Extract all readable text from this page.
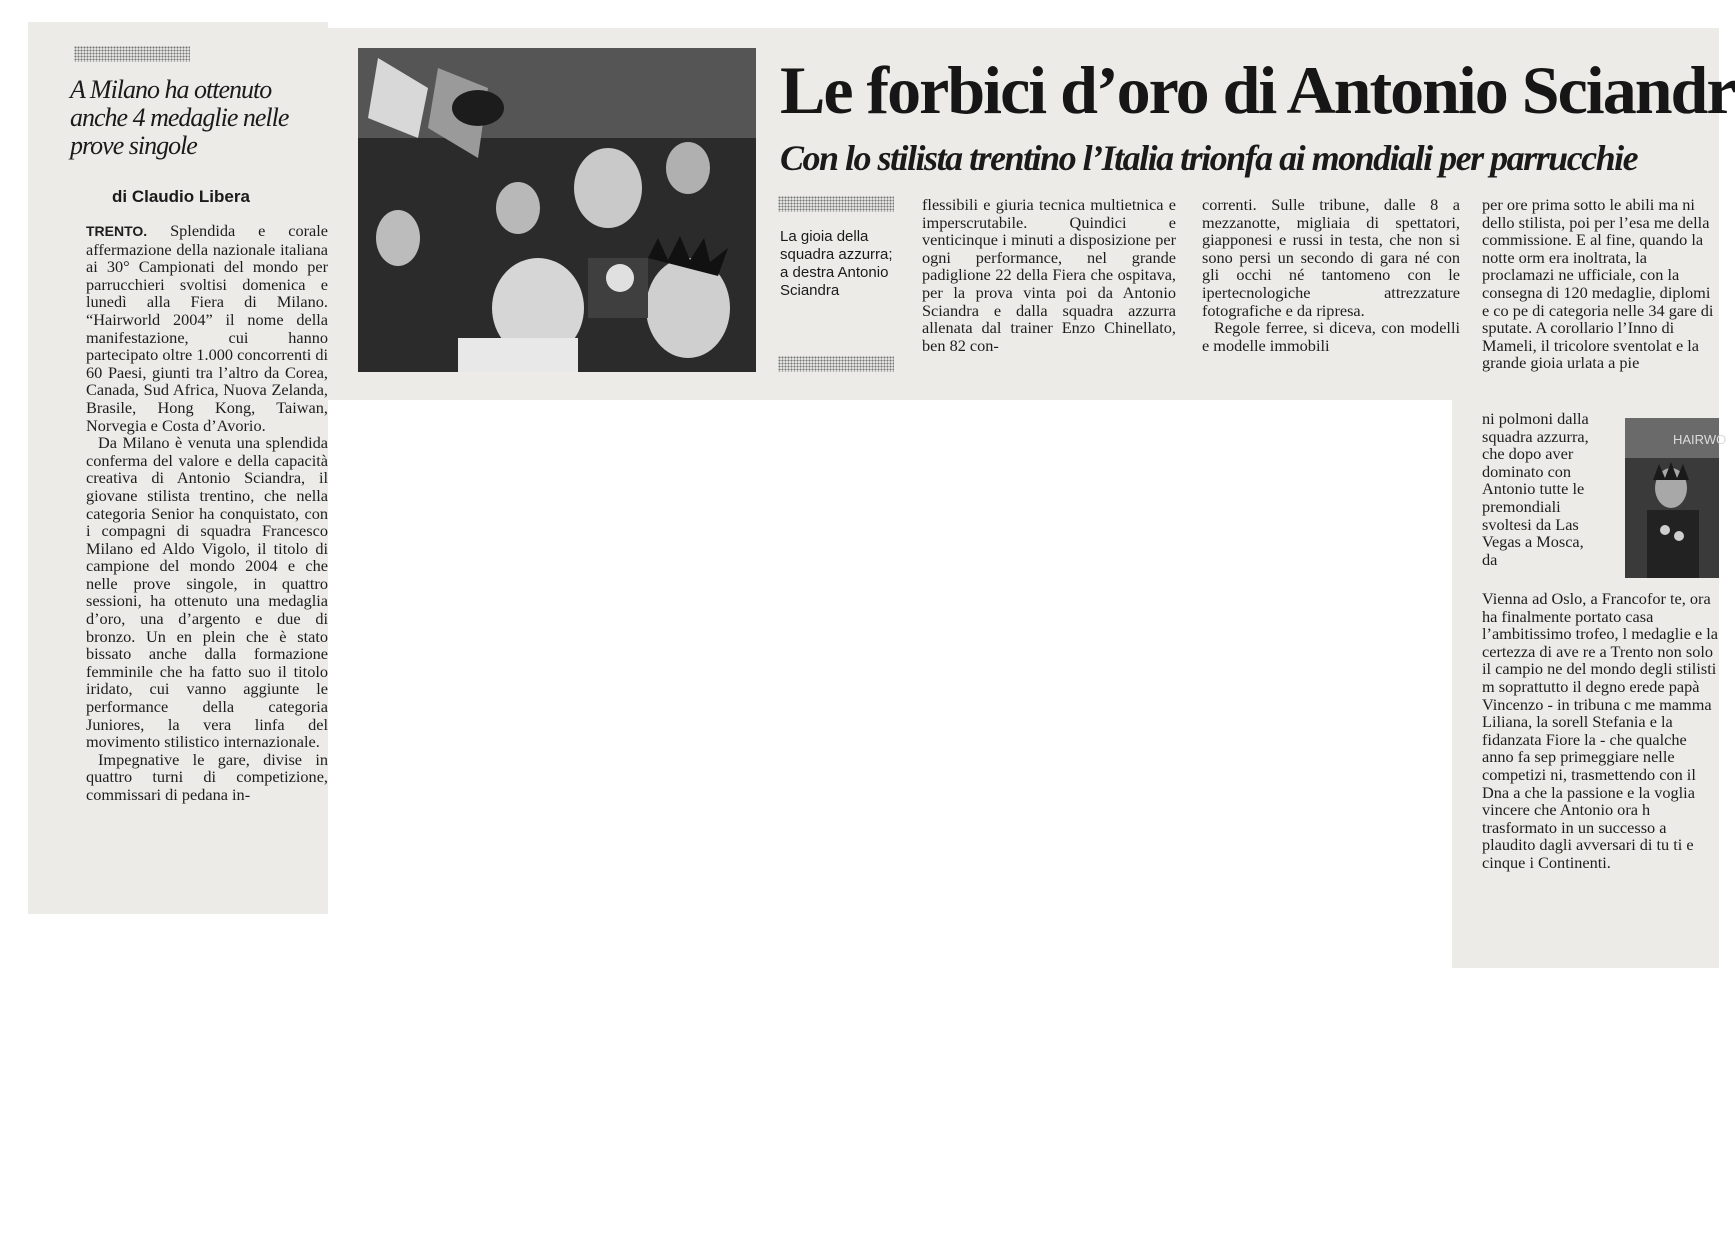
A Milano ha ottenuto anche 4 medaglie nelle prove singole

di Claudio Libera

TRENTO. Splendida e corale affermazione della nazionale italiana ai 30° Campionati del mondo per parrucchieri svoltisi domenica e lunedì alla Fiera di Milano. “Hairworld 2004” il nome della manifestazione, cui hanno partecipato oltre 1.000 concorrenti di 60 Paesi, giunti tra l’altro da Corea, Canada, Sud Africa, Nuova Zelanda, Brasile, Hong Kong, Taiwan, Norvegia e Costa d’Avorio.

Da Milano è venuta una splendida conferma del valore e della capacità creativa di Antonio Sciandra, il giovane stilista trentino, che nella categoria Senior ha conquistato, con i compagni di squadra Francesco Milano ed Aldo Vigolo, il titolo di campione del mondo 2004 e che nelle prove singole, in quattro sessioni, ha ottenuto una medaglia d’oro, una d’argento e due di bronzo. Un en plein che è stato bissato anche dalla formazione femminile che ha fatto suo il titolo iridato, cui vanno aggiunte le performance della categoria Juniores, la vera linfa del movimento stilistico internazionale.

Impegnative le gare, divise in quattro turni di competizione, commissari di pedana in-

Le forbici d’oro di Antonio Sciandr
Con lo stilista trentino l’Italia trionfa ai mondiali per parrucchie
La gioia della squadra azzurra; a destra Antonio Sciandra

flessibili e giuria tecnica multietnica e imperscrutabile. Quindici e venticinque i minuti a disposizione per ogni performance, nel grande padiglione 22 della Fiera che ospitava, per la prova vinta poi da Antonio Sciandra e dalla squadra azzurra allenata dal trainer Enzo Chinellato, ben 82 con-

correnti. Sulle tribune, dalle 8 a mezzanotte, migliaia di spettatori, giapponesi e russi in testa, che non si sono persi un secondo di gara né con gli occhi né tantomeno con le ipertecnologiche attrezzature fotografiche e da ripresa.

Regole ferree, si diceva, con modelli e modelle immobili

per ore prima sotto le abili ma ni dello stilista, poi per l’esa me della commissione. E al fine, quando la notte orm era inoltrata, la proclamazi ne ufficiale, con la consegna di 120 medaglie, diplomi e co pe di categoria nelle 34 gare di sputate. A corollario l’Inno di Mameli, il tricolore sventolat e la grande gioia urlata a pie

ni polmoni dalla squadra azzurra, che dopo aver dominato con Antonio tutte le premondiali svoltesi da Las Vegas a Mosca, da

HAIRWO

Vienna ad Oslo, a Francofor te, ora ha finalmente portato casa l’ambitissimo trofeo, l medaglie e la certezza di ave re a Trento non solo il campio ne del mondo degli stilisti m soprattutto il degno erede papà Vincenzo - in tribuna c me mamma Liliana, la sorell Stefania e la fidanzata Fiore la - che qualche anno fa sep primeggiare nelle competizi ni, trasmettendo con il Dna a che la passione e la voglia vincere che Antonio ora h trasformato in un successo a plaudito dagli avversari di tu ti e cinque i Continenti.
